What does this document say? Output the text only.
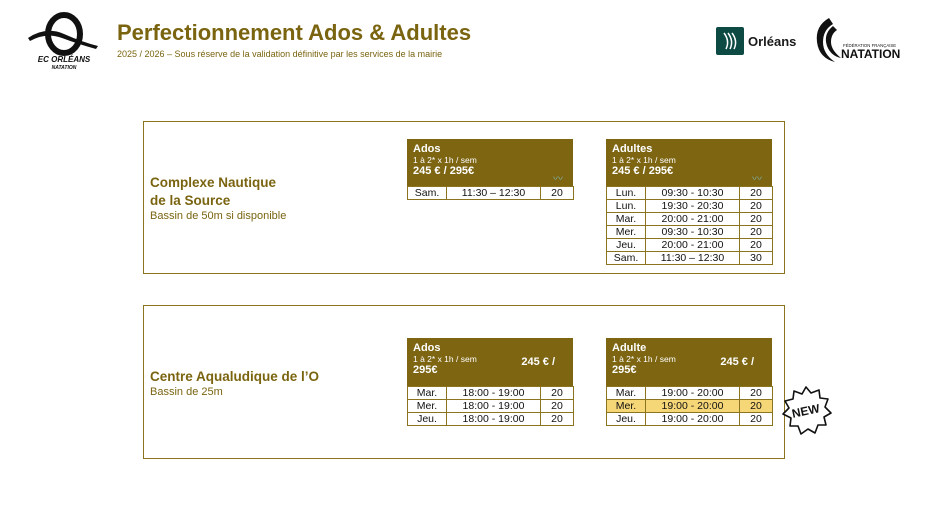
EC ORLÉANS
NATATION
Perfectionnement Ados & Adultes
2025 / 2026 – Sous réserve de la validation définitive par les services de la mairie
Orléans	FÉDÉRATION FRANÇAISE
NATATION
Complexe Nautique
de la Source
Bassin de 50m si disponible
Ados
1 à 2* x 1h / sem
245 € / 295€
〰
Sam.	11:30 – 12:30	20
Adultes
1 à 2* x 1h / sem
245 € / 295€
〰
Lun.	09:30 - 10:30	20
Lun.	19:30 - 20:30	20
Mar.	20:00 - 21:00	20
Mer.	09:30 - 10:30	20
Jeu.	20:00 - 21:00	20
Sam.	11:30 – 12:30	30
Centre Aqualudique de l’O
Bassin de 25m
Ados
1 à 2* x 1h / sem
295€
245 € /
Mar.	18:00 - 19:00	20
Mer.	18:00 - 19:00	20
Jeu.	18:00 - 19:00	20
Adulte
1 à 2* x 1h / sem
295€
245 € /
Mar.	19:00 - 20:00	20
Mer.	19:00 - 20:00	20
Jeu.	19:00 - 20:00	20 NEW
